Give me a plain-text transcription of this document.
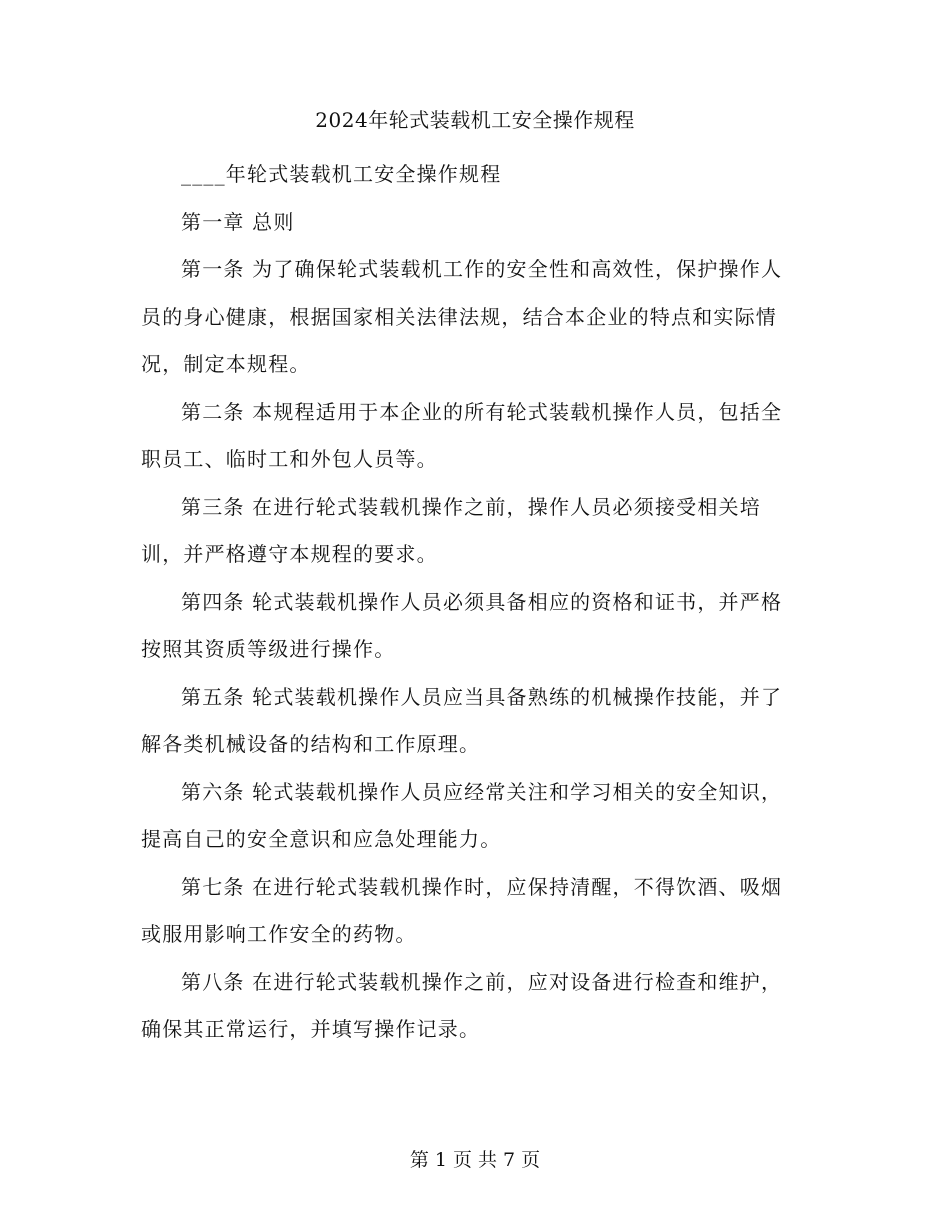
2024年轮式装载机工安全操作规程

____年轮式装载机工安全操作规程

第一章 总则

第一条 为了确保轮式装载机工作的安全性和高效性，保护操作人员的身心健康，根据国家相关法律法规，结合本企业的特点和实际情况，制定本规程。

第二条 本规程适用于本企业的所有轮式装载机操作人员，包括全职员工、临时工和外包人员等。

第三条 在进行轮式装载机操作之前，操作人员必须接受相关培训，并严格遵守本规程的要求。

第四条 轮式装载机操作人员必须具备相应的资格和证书，并严格按照其资质等级进行操作。

第五条 轮式装载机操作人员应当具备熟练的机械操作技能，并了解各类机械设备的结构和工作原理。

第六条 轮式装载机操作人员应经常关注和学习相关的安全知识，提高自己的安全意识和应急处理能力。

第七条 在进行轮式装载机操作时，应保持清醒，不得饮酒、吸烟或服用影响工作安全的药物。

第八条 在进行轮式装载机操作之前，应对设备进行检查和维护，确保其正常运行，并填写操作记录。

第 1 页 共 7 页
